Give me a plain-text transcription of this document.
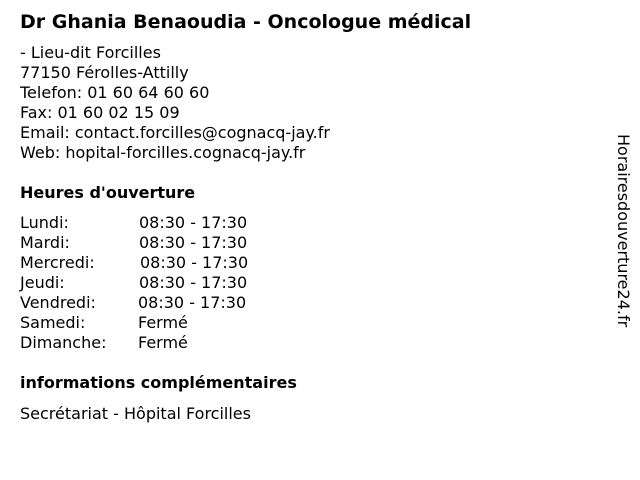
Dr Ghania Benaoudia - Oncologue médical
- Lieu-dit Forcilles
77150 Férolles-Attilly
Telefon: 01 60 64 60 60
Fax: 01 60 02 15 09
Email: contact.forcilles@cognacq-jay.fr
Web: hopital-forcilles.cognacq-jay.fr
Heures d'ouverture
Lundi:	08:30 - 17:30
Mardi:	08:30 - 17:30
Mercredi:	08:30 - 17:30
Jeudi:	08:30 - 17:30
Vendredi:	08:30 - 17:30
Samedi:	Fermé
Dimanche: Fermé
informations complémentaires
Secrétariat - Hôpital Forcilles
Horairesdouverture24.fr
